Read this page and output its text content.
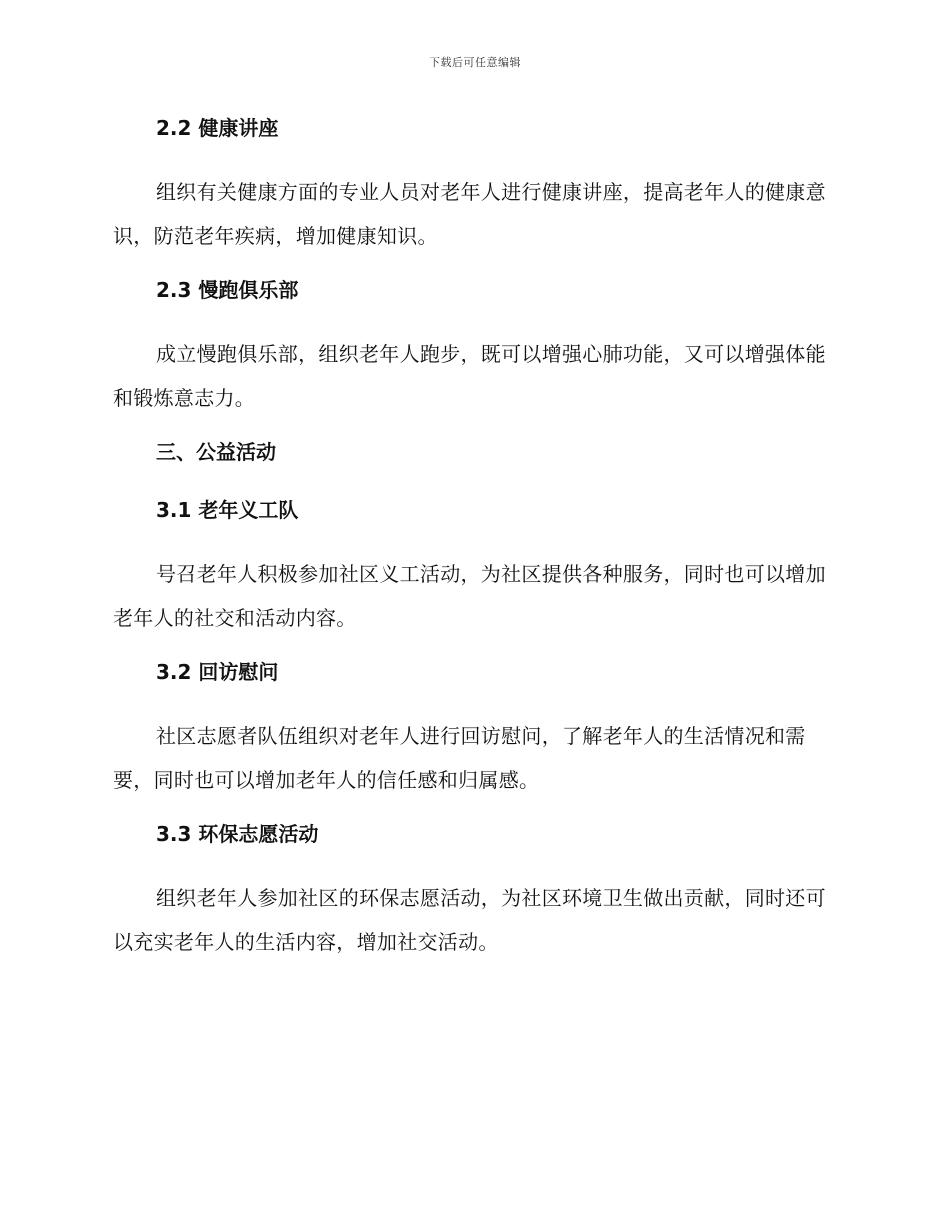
下载后可任意编辑
2.2 健康讲座
组织有关健康方面的专业人员对老年人进行健康讲座，提高老年人的健康意识，防范老年疾病，增加健康知识。
2.3 慢跑俱乐部
成立慢跑俱乐部，组织老年人跑步，既可以增强心肺功能，又可以增强体能和锻炼意志力。
三、公益活动
3.1 老年义工队
号召老年人积极参加社区义工活动，为社区提供各种服务，同时也可以增加老年人的社交和活动内容。
3.2 回访慰问
社区志愿者队伍组织对老年人进行回访慰问，了解老年人的生活情况和需要，同时也可以增加老年人的信任感和归属感。
3.3 环保志愿活动
组织老年人参加社区的环保志愿活动，为社区环境卫生做出贡献，同时还可以充实老年人的生活内容，增加社交活动。
